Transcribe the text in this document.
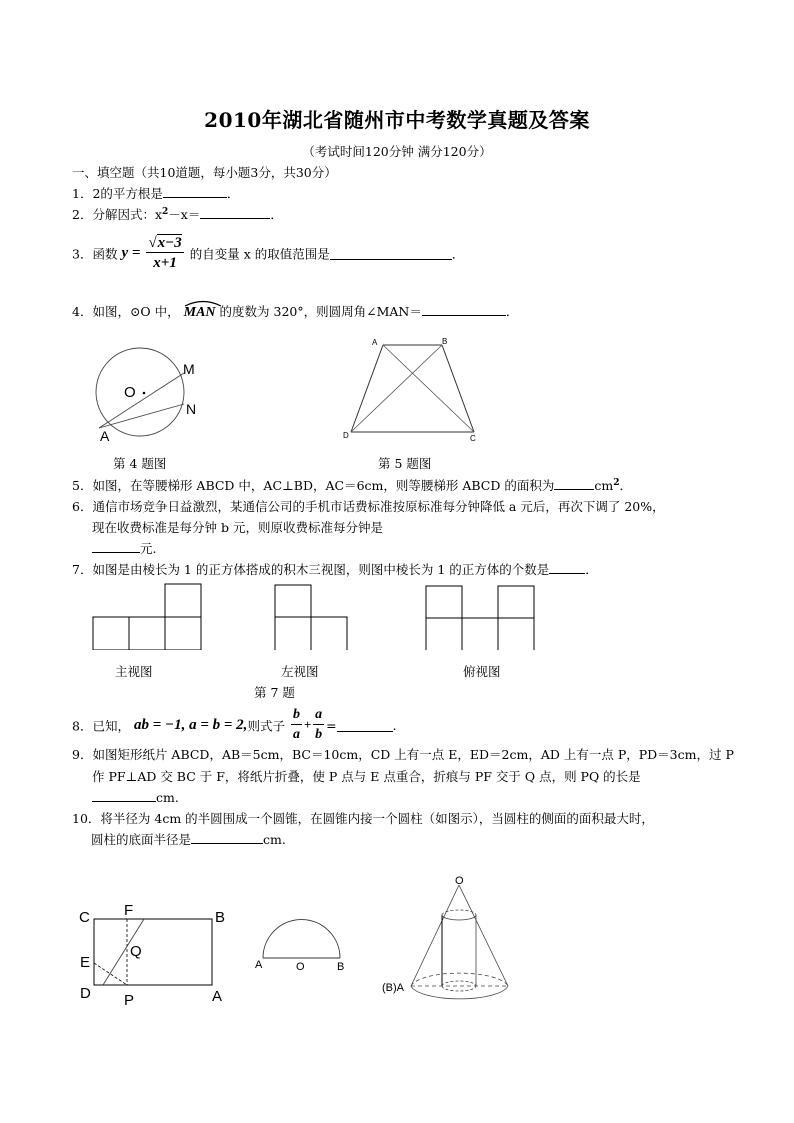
2010年湖北省随州市中考数学真题及答案
（考试时间120分钟 满分120分）
一、填空题（共10道题，每小题3分，共30分）
1．2的平方根是	．
2．分解因式：$x^2-x=$	．
3．函数 $y = \frac{√x-3}{x+1}$ 的自变量 x 的取值范围是	．
4．如图，⊙O 中， MAN 的度数为 320°，则圆周角∠MAN＝	．
O
M
N
A
第 4 题图
A	B
C
D
第 5 题图
5．如图，在等腰梯形 ABCD 中，AC⊥BD，AC＝6cm，则等腰梯形 ABCD 的面积为	$cm^2$．
6．通信市场竞争日益激烈，某通信公司的手机市话费标准按原标准每分钟降低 a 元后，再次下调了 20%，
现在收费标准是每分钟 b 元，则原收费标准每分钟是
元.
7．如图是由棱长为 1 的正方体搭成的积木三视图，则图中棱长为 1 的正方体的个数是	．
主视图	左视图	俯视图
第 7 题
8．已知， ab = −1, a = b = 2,则式子 $\frac{b}{a} + \frac{a}{b}$ =	.
9．如图矩形纸片 ABCD，AB＝5cm，BC＝10cm，CD 上有一点 E，ED＝2cm，AD 上有一点 P，PD＝3cm，过 P
作 PF⊥AD 交 BC 于 F，将纸片折叠，使 P 点与 E 点重合，折痕与 PF 交于 Q 点，则 PQ 的长是
cm.
10．将半径为 4cm 的半圆围成一个圆锥，在圆锥内接一个圆柱（如图示），当圆柱的侧面的面积最大时，
圆柱的底面半径是	cm.
C F	B
Q
E
D P	A
A	O	B
O
(B)A
